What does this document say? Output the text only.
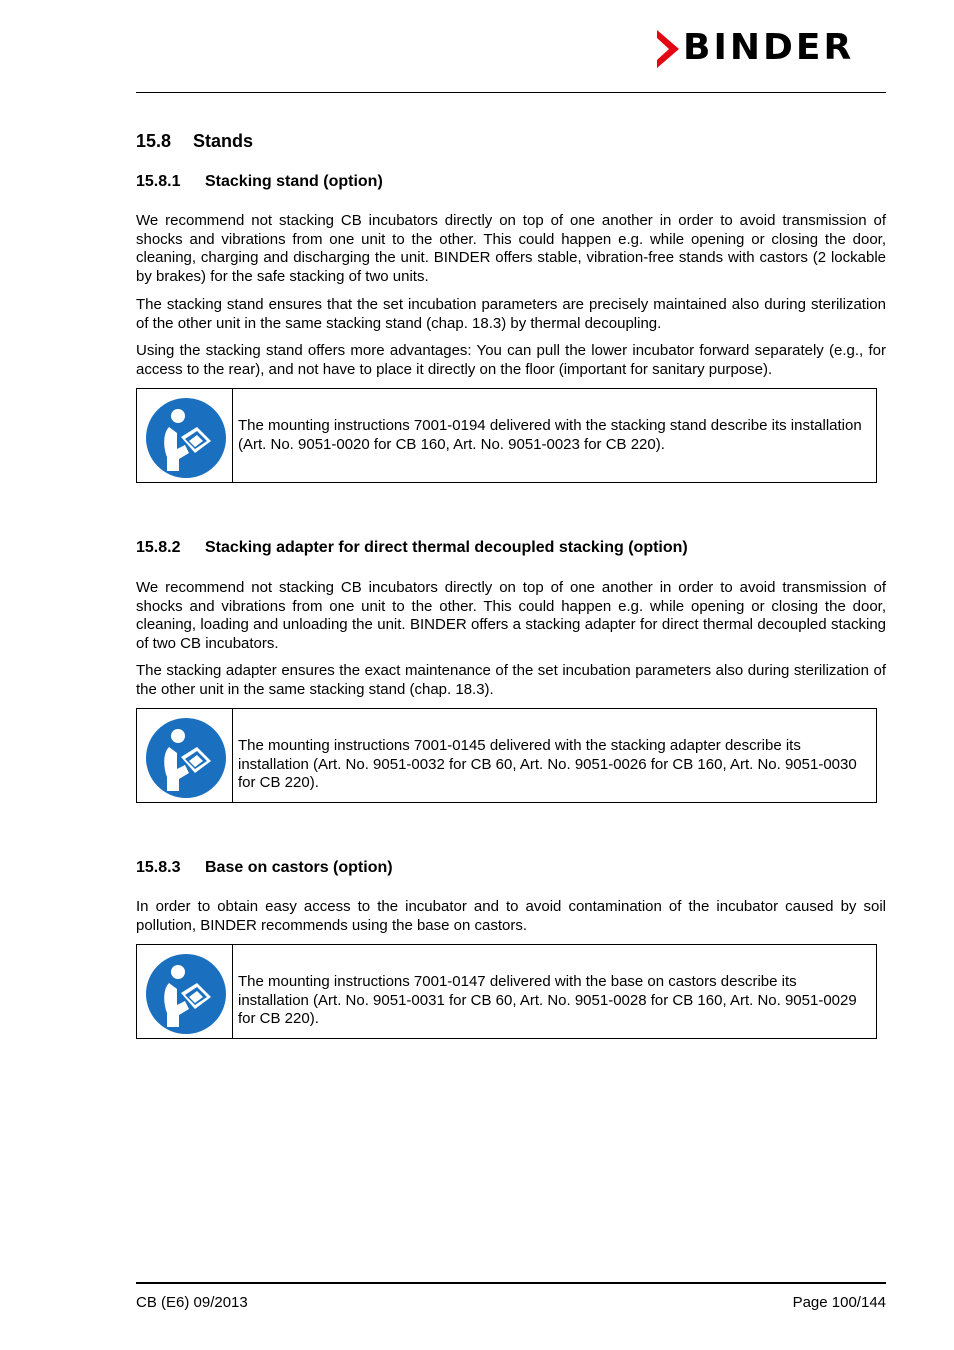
BINDER
15.8 Stands
15.8.1 Stacking stand (option)
We recommend not stacking CB incubators directly on top of one another in order to avoid transmission of shocks and vibrations from one unit to the other. This could happen e.g. while opening or closing the door, cleaning, charging and discharging the unit. BINDER offers stable, vibration-free stands with castors (2 lockable by brakes) for the safe stacking of two units.
The stacking stand ensures that the set incubation parameters are precisely maintained also during sterilization of the other unit in the same stacking stand (chap. 18.3) by thermal decoupling.
Using the stacking stand offers more advantages: You can pull the lower incubator forward separately (e.g., for access to the rear), and not have to place it directly on the floor (important for sanitary purpose).
The mounting instructions 7001-0194 delivered with the stacking stand describe its installation (Art. No. 9051-0020 for CB 160, Art. No. 9051-0023 for CB 220).
15.8.2 Stacking adapter for direct thermal decoupled stacking (option)
We recommend not stacking CB incubators directly on top of one another in order to avoid transmission of shocks and vibrations from one unit to the other. This could happen e.g. while opening or closing the door, cleaning, loading and unloading the unit. BINDER offers a stacking adapter for direct thermal decoupled stacking of two CB incubators.
The stacking adapter ensures the exact maintenance of the set incubation parameters also during sterilization of the other unit in the same stacking stand (chap. 18.3).
The mounting instructions 7001-0145 delivered with the stacking adapter describe its installation (Art. No. 9051-0032 for CB 60, Art. No. 9051-0026 for CB 160, Art. No. 9051-0030 for CB 220).
15.8.3 Base on castors (option)
In order to obtain easy access to the incubator and to avoid contamination of the incubator caused by soil pollution, BINDER recommends using the base on castors.
The mounting instructions 7001-0147 delivered with the base on castors describe its installation (Art. No. 9051-0031 for CB 60, Art. No. 9051-0028 for CB 160, Art. No. 9051-0029 for CB 220).
CB (E6) 09/2013	Page 100/144
